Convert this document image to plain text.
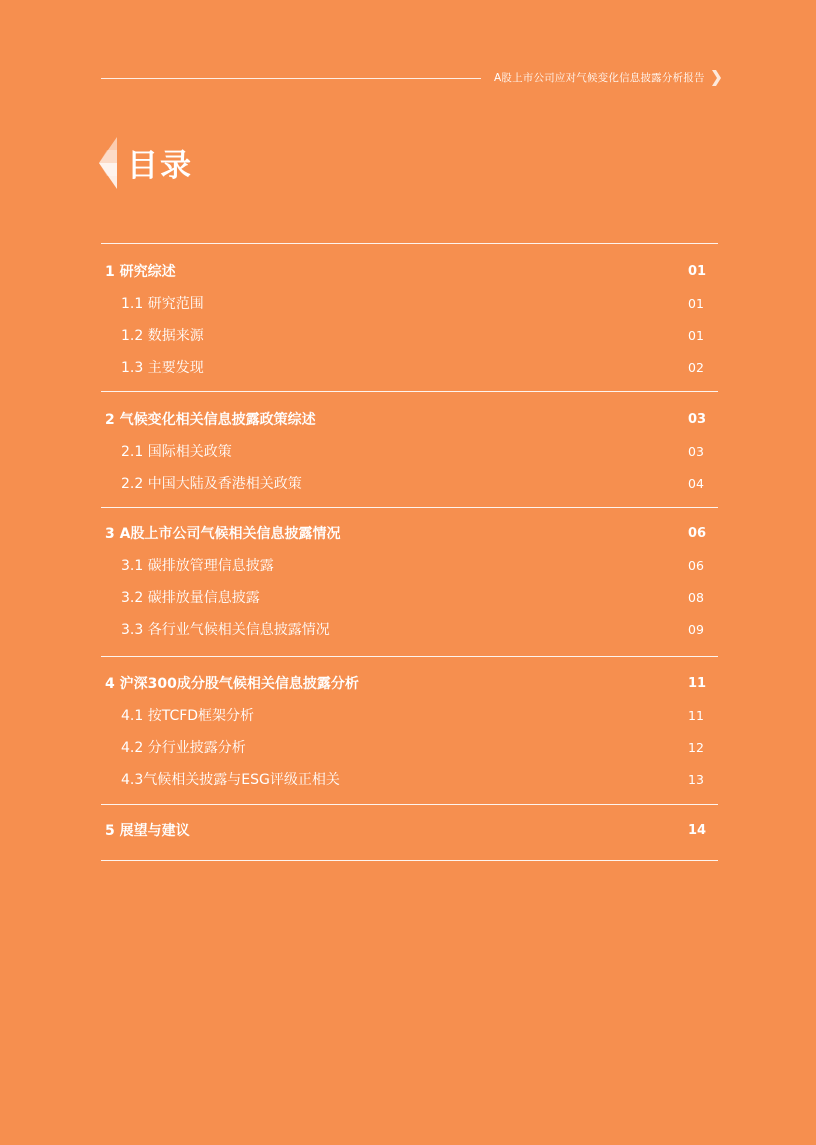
A股上市公司应对气候变化信息披露分析报告
目录
1 研究综述	01
1.1 研究范围	01
1.2 数据来源	01
1.3 主要发现	02
2 气候变化相关信息披露政策综述	03
2.1 国际相关政策	03
2.2 中国大陆及香港相关政策	04
3 A股上市公司气候相关信息披露情况	06
3.1 碳排放管理信息披露	06
3.2 碳排放量信息披露	08
3.3 各行业气候相关信息披露情况	09
4 沪深300成分股气候相关信息披露分析	11
4.1 按TCFD框架分析	11
4.2 分行业披露分析	12
4.3气候相关披露与ESG评级正相关	13
5 展望与建议	14
